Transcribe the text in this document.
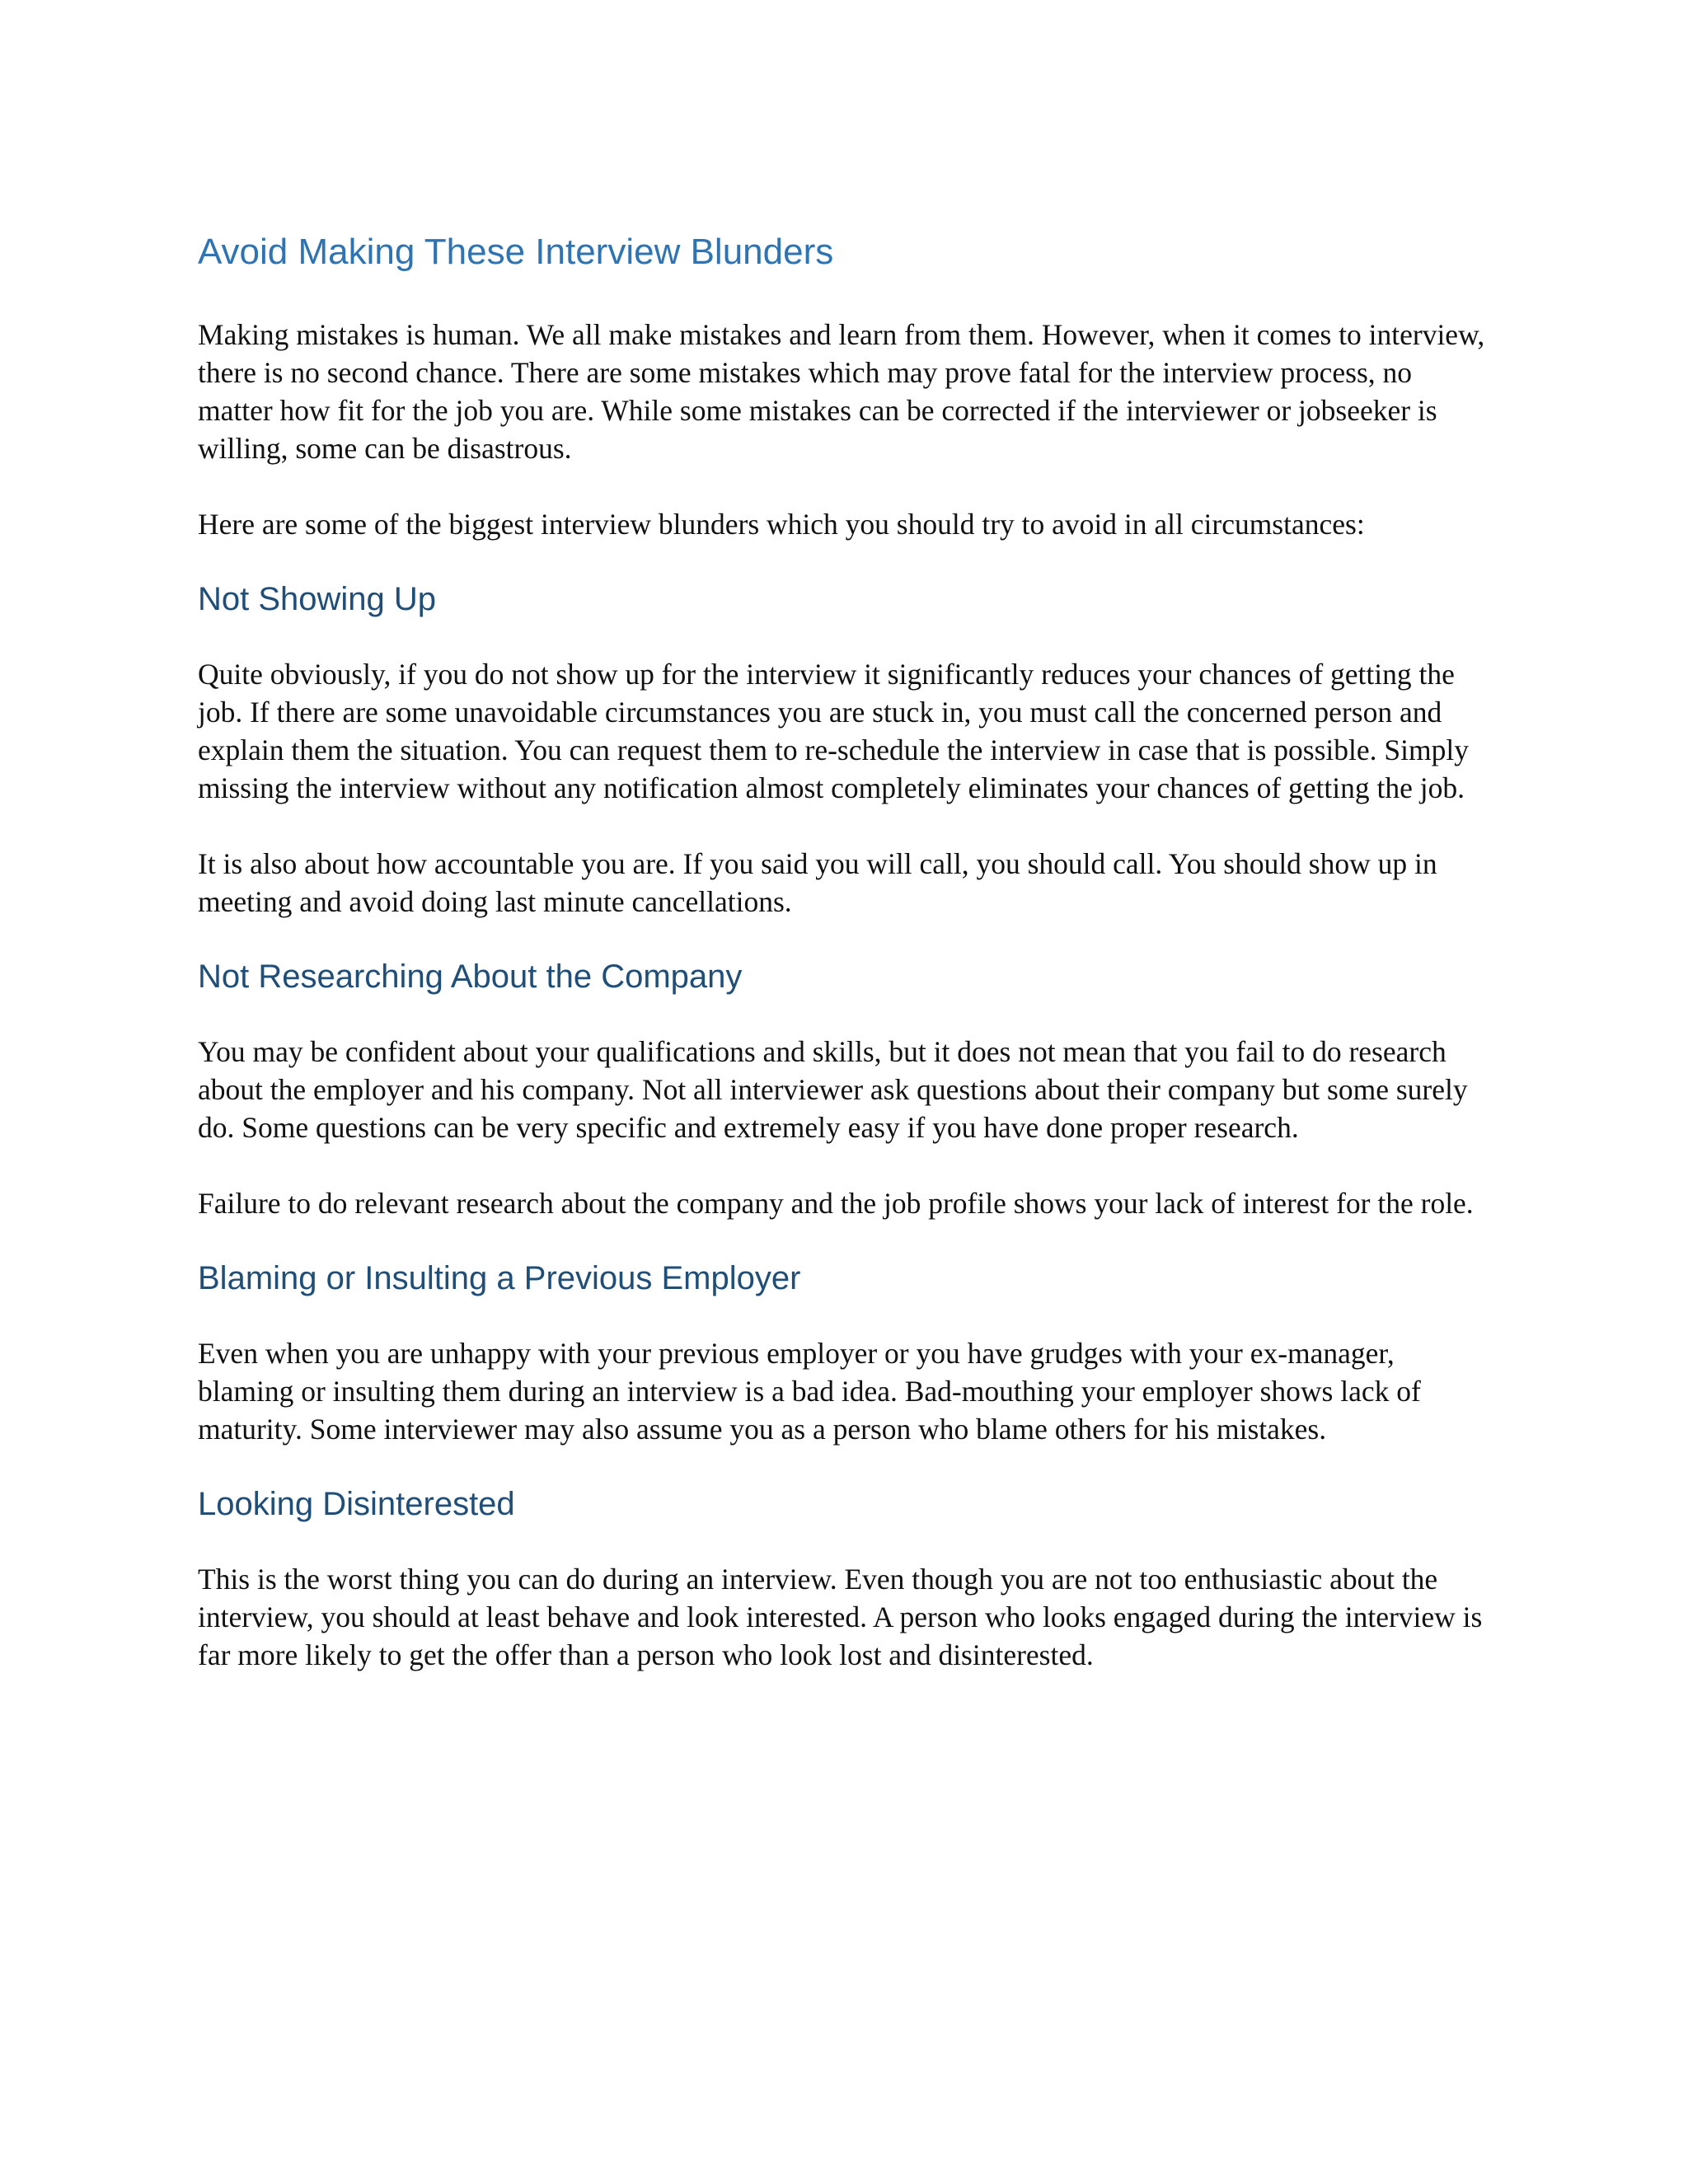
Avoid Making These Interview Blunders

Making mistakes is human. We all make mistakes and learn from them. However, when it comes to interview, there is no second chance. There are some mistakes which may prove fatal for the interview process, no matter how fit for the job you are. While some mistakes can be corrected if the interviewer or jobseeker is willing, some can be disastrous.

Here are some of the biggest interview blunders which you should try to avoid in all circumstances:

Not Showing Up

Quite obviously, if you do not show up for the interview it significantly reduces your chances of getting the job. If there are some unavoidable circumstances you are stuck in, you must call the concerned person and explain them the situation. You can request them to re-schedule the interview in case that is possible. Simply missing the interview without any notification almost completely eliminates your chances of getting the job.

It is also about how accountable you are. If you said you will call, you should call. You should show up in meeting and avoid doing last minute cancellations.

Not Researching About the Company

You may be confident about your qualifications and skills, but it does not mean that you fail to do research about the employer and his company. Not all interviewer ask questions about their company but some surely do. Some questions can be very specific and extremely easy if you have done proper research.

Failure to do relevant research about the company and the job profile shows your lack of interest for the role.

Blaming or Insulting a Previous Employer

Even when you are unhappy with your previous employer or you have grudges with your ex-manager, blaming or insulting them during an interview is a bad idea. Bad-mouthing your employer shows lack of maturity. Some interviewer may also assume you as a person who blame others for his mistakes.

Looking Disinterested

This is the worst thing you can do during an interview. Even though you are not too enthusiastic about the interview, you should at least behave and look interested. A person who looks engaged during the interview is far more likely to get the offer than a person who look lost and disinterested.
